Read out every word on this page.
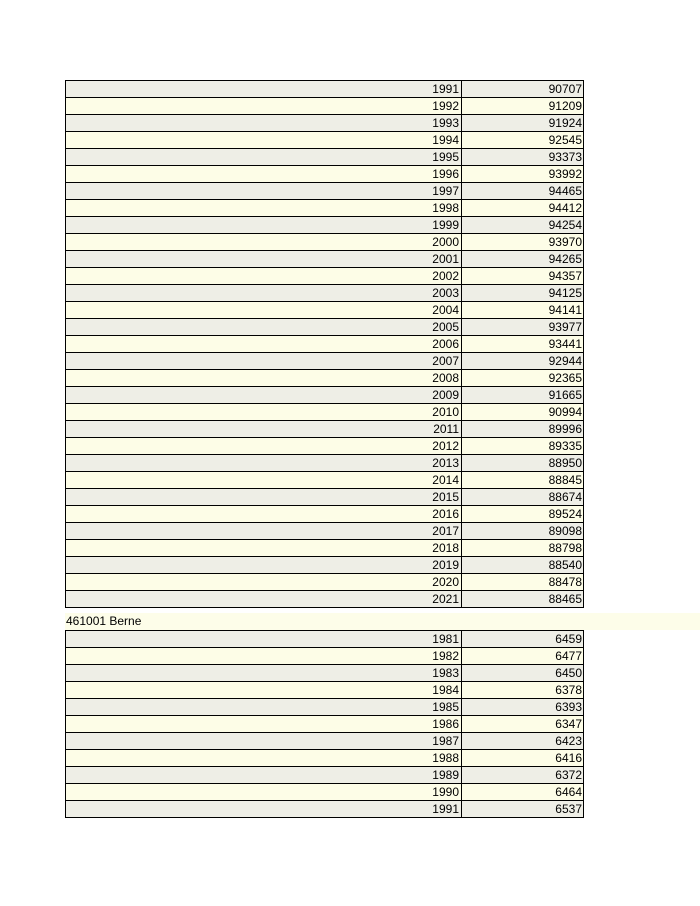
1991	90707
1992	91209
1993	91924
1994	92545
1995	93373
1996	93992
1997	94465
1998	94412
1999	94254
2000	93970
2001	94265
2002	94357
2003	94125
2004	94141
2005	93977
2006	93441
2007	92944
2008	92365
2009	91665
2010	90994
2011	89996
2012	89335
2013	88950
2014	88845
2015	88674
2016	89524
2017	89098
2018	88798
2019	88540
2020	88478
2021	88465
461001 Berne
1981	6459
1982	6477
1983	6450
1984	6378
1985	6393
1986	6347
1987	6423
1988	6416
1989	6372
1990	6464
1991	6537
